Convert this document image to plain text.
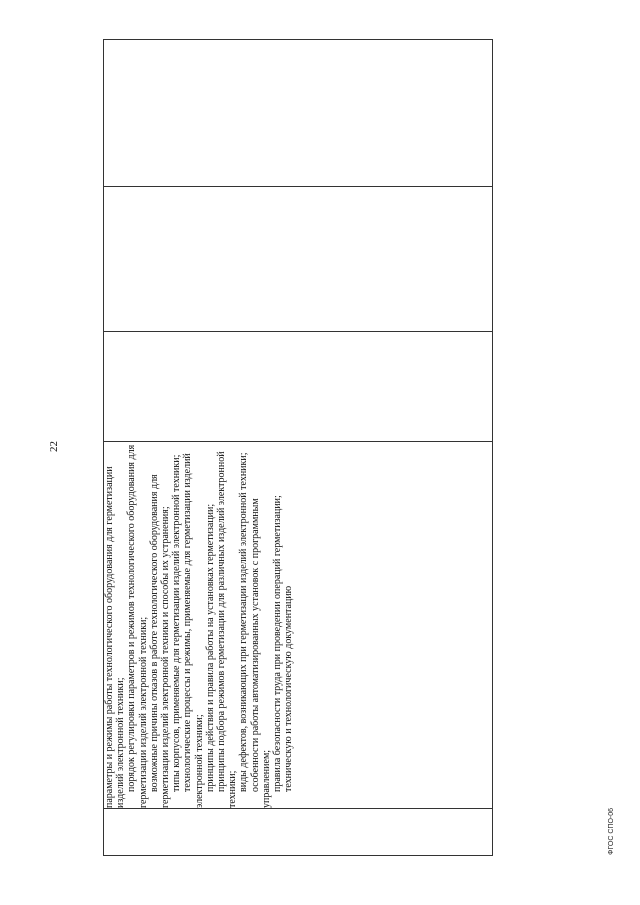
22

параметры и режимы работы технологического оборудования для герметизации изделий электронной техники; порядок регулировки параметров и режимов технологического оборудования для герметизации изделий электронной техники; возможные причины отказов в работе технологического оборудования для герметизации изделий электронной техники и способы их устранения; типы корпусов, применяемые для герметизации изделий электронной техники; технологические процессы и режимы, применяемые для герметизации изделий электронной техники; принципы действия и правила работы на установках герметизации; принципы подбора режимов герметизации для различных изделий электронной техники; виды дефектов, возникающих при герметизации изделий электронной техники; особенности работы автоматизированных установок с программным управлением; правила безопасности труда при проведении операций герметизации; техническую и технологическую документацию

ФГОС СПО-06
